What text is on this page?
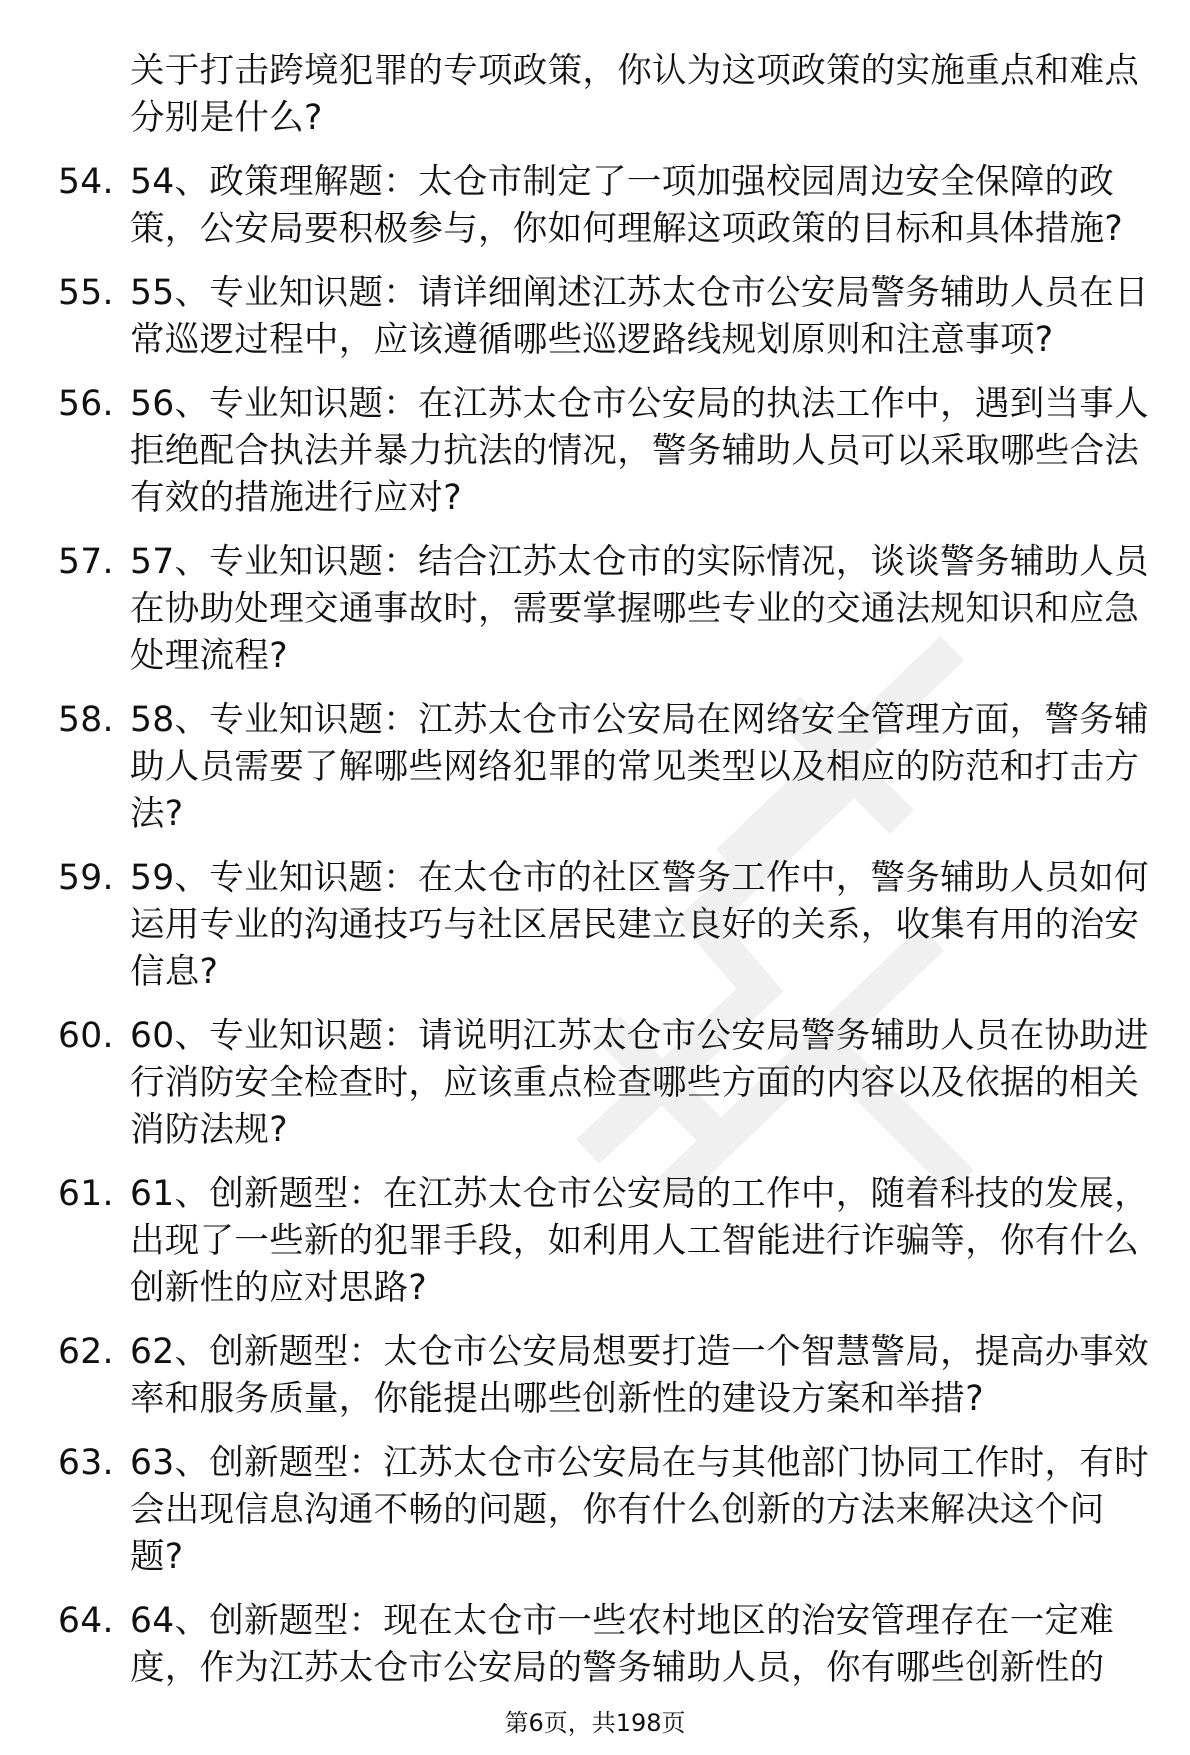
关于打击跨境犯罪的专项政策，你认为这项政策的实施重点和难点分别是什么?
54. 54、政策理解题：太仓市制定了一项加强校园周边安全保障的政策，公安局要积极参与，你如何理解这项政策的目标和具体措施?
55. 55、专业知识题：请详细阐述江苏太仓市公安局警务辅助人员在日常巡逻过程中，应该遵循哪些巡逻路线规划原则和注意事项?
56. 56、专业知识题：在江苏太仓市公安局的执法工作中，遇到当事人拒绝配合执法并暴力抗法的情况，警务辅助人员可以采取哪些合法有效的措施进行应对?
57. 57、专业知识题：结合江苏太仓市的实际情况，谈谈警务辅助人员在协助处理交通事故时，需要掌握哪些专业的交通法规知识和应急处理流程?
58. 58、专业知识题：江苏太仓市公安局在网络安全管理方面，警务辅助人员需要了解哪些网络犯罪的常见类型以及相应的防范和打击方法?
59. 59、专业知识题：在太仓市的社区警务工作中，警务辅助人员如何运用专业的沟通技巧与社区居民建立良好的关系，收集有用的治安信息?
60. 60、专业知识题：请说明江苏太仓市公安局警务辅助人员在协助进行消防安全检查时，应该重点检查哪些方面的内容以及依据的相关消防法规?
61. 61、创新题型：在江苏太仓市公安局的工作中，随着科技的发展，出现了一些新的犯罪手段，如利用人工智能进行诈骗等，你有什么创新性的应对思路?
62. 62、创新题型：太仓市公安局想要打造一个智慧警局，提高办事效率和服务质量，你能提出哪些创新性的建设方案和举措?
63. 63、创新题型：江苏太仓市公安局在与其他部门协同工作时，有时会出现信息沟通不畅的问题，你有什么创新的方法来解决这个问题?
64. 64、创新题型：现在太仓市一些农村地区的治安管理存在一定难度，作为江苏太仓市公安局的警务辅助人员，你有哪些创新性的
第6页，共198页
